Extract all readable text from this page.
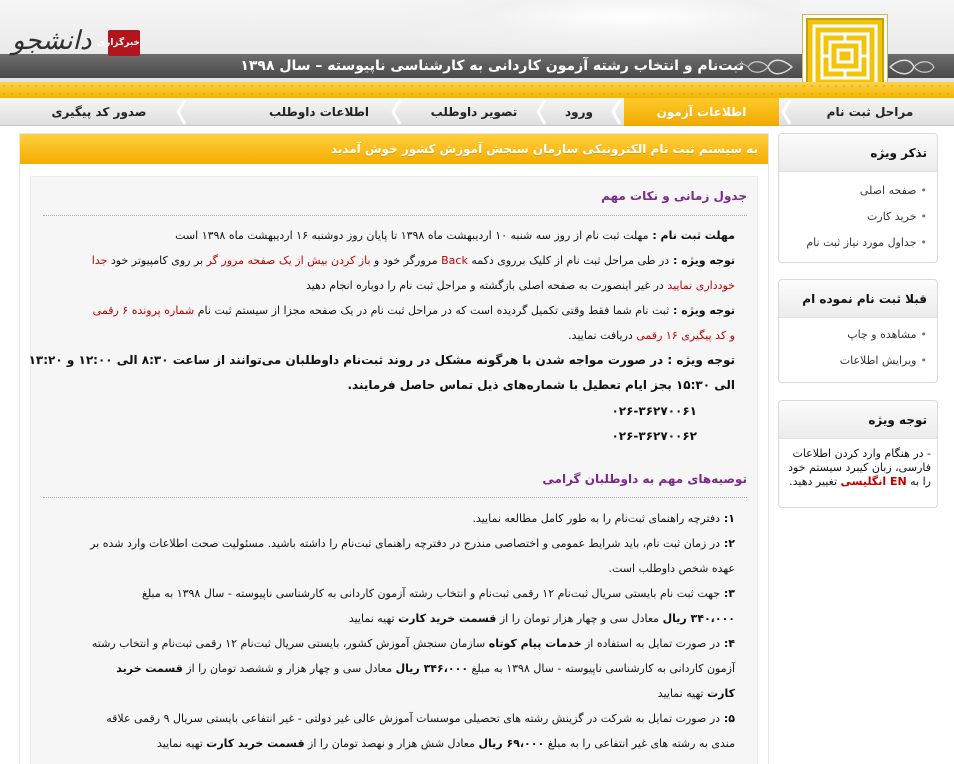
ثبت‌نام و انتخاب رشته آزمون کاردانی به کارشناسی ناپیوسته – سال ۱۳۹۸
خبرگزاری
دانشجو
مراحل ثبت نام
اطلاعات آزمون
ورود
تصویر داوطلب
اطلاعات داوطلب
صدور کد پیگیری
به سیستم ثبت نام الکترونیکی سازمان سنجش آموزش کشور خوش آمدید
جدول زمانی و نکات مهم
مهلت ثبت نام : مهلت ثبت نام از روز سه شنبه ۱۰ اردیبهشت ماه ۱۳۹۸ تا پایان روز دوشنبه ۱۶ اردیبهشت ماه ۱۳۹۸ است
توجه ویژه : در طی مراحل ثبت نام از کلیک برروی دکمه Back مرورگر خود و باز کردن بیش از یک صفحه مرور گر بر روی کامپیوتر خود جدا
خودداری نمایید در غیر اینصورت به صفحه اصلی بازگشته و مراحل ثبت نام را دوباره انجام دهید
توجه ویژه : ثبت نام شما فقط وقتی تکمیل گردیده است که در مراحل ثبت نام در یک صفحه مجزا از سیستم ثبت نام شماره پرونده ۶ رقمی
و کد پیگیری ۱۶ رقمی دریافت نمایید.
توجه ویژه : در صورت مواجه شدن با هرگونه مشکل در روند ثبت‌نام داوطلبان می‌توانند از ساعت ۸:۳۰ الی ۱۲:۰۰ و ۱۳:۲۰
الی ۱۵:۳۰ بجز ایام تعطیل با شماره‌های ذیل تماس حاصل فرمایند.
۰۲۶-۳۶۲۷۰۰۶۱
۰۲۶-۳۶۲۷۰۰۶۲
توصیه‌های مهم به داوطلبان گرامی
۱: دفترچه راهنمای ثبت‌نام را به طور کامل مطالعه نمایید.
۲: در زمان ثبت نام، باید شرایط عمومی و اختصاصی مندرج در دفترچه راهنمای ثبت‌نام را داشته باشید. مسئولیت صحت اطلاعات وارد شده بر
عهده شخص داوطلب است.
۳: جهت ثبت نام بایستی سریال ثبت‌نام ۱۲ رقمی ثبت‌نام و انتخاب رشته آزمون کاردانی به کارشناسی ناپیوسته - سال ۱۳۹۸ به مبلغ
۳۴۰،۰۰۰ ریال معادل سی و چهار هزار تومان را از قسمت خرید کارت تهیه نمایید
۴: در صورت تمایل به استفاده از خدمات پیام کوتاه سازمان سنجش آموزش کشور، بایستی سریال ثبت‌نام ۱۲ رقمی ثبت‌نام و انتخاب رشته
آزمون کاردانی به کارشناسی ناپیوسته - سال ۱۳۹۸ به مبلغ ۳۴۶،۰۰۰ ریال معادل سی و چهار هزار و ششصد تومان را از قسمت خرید
کارت تهیه نمایید
۵: در صورت تمایل به شرکت در گزینش رشته های تحصیلی موسسات آموزش عالی غیر دولتی - غیر انتفاعی بایستی سریال ۹ رقمی علاقه
مندی به رشته های غیر انتفاعی را به مبلغ ۶۹،۰۰۰ ریال معادل شش هزار و نهصد تومان را از قسمت خرید کارت تهیه نمایید
تذکر ویژه
• صفحه اصلی
• خرید کارت
• جداول مورد نیاز ثبت نام
قبلا ثبت نام نموده ام
• مشاهده و چاپ
• ویرایش اطلاعات
توجه ویژه
- در هنگام وارد کردن اطلاعات فارسی، زبان کیبرد سیستم خود را به EN انگلیسی تغییر دهید.
